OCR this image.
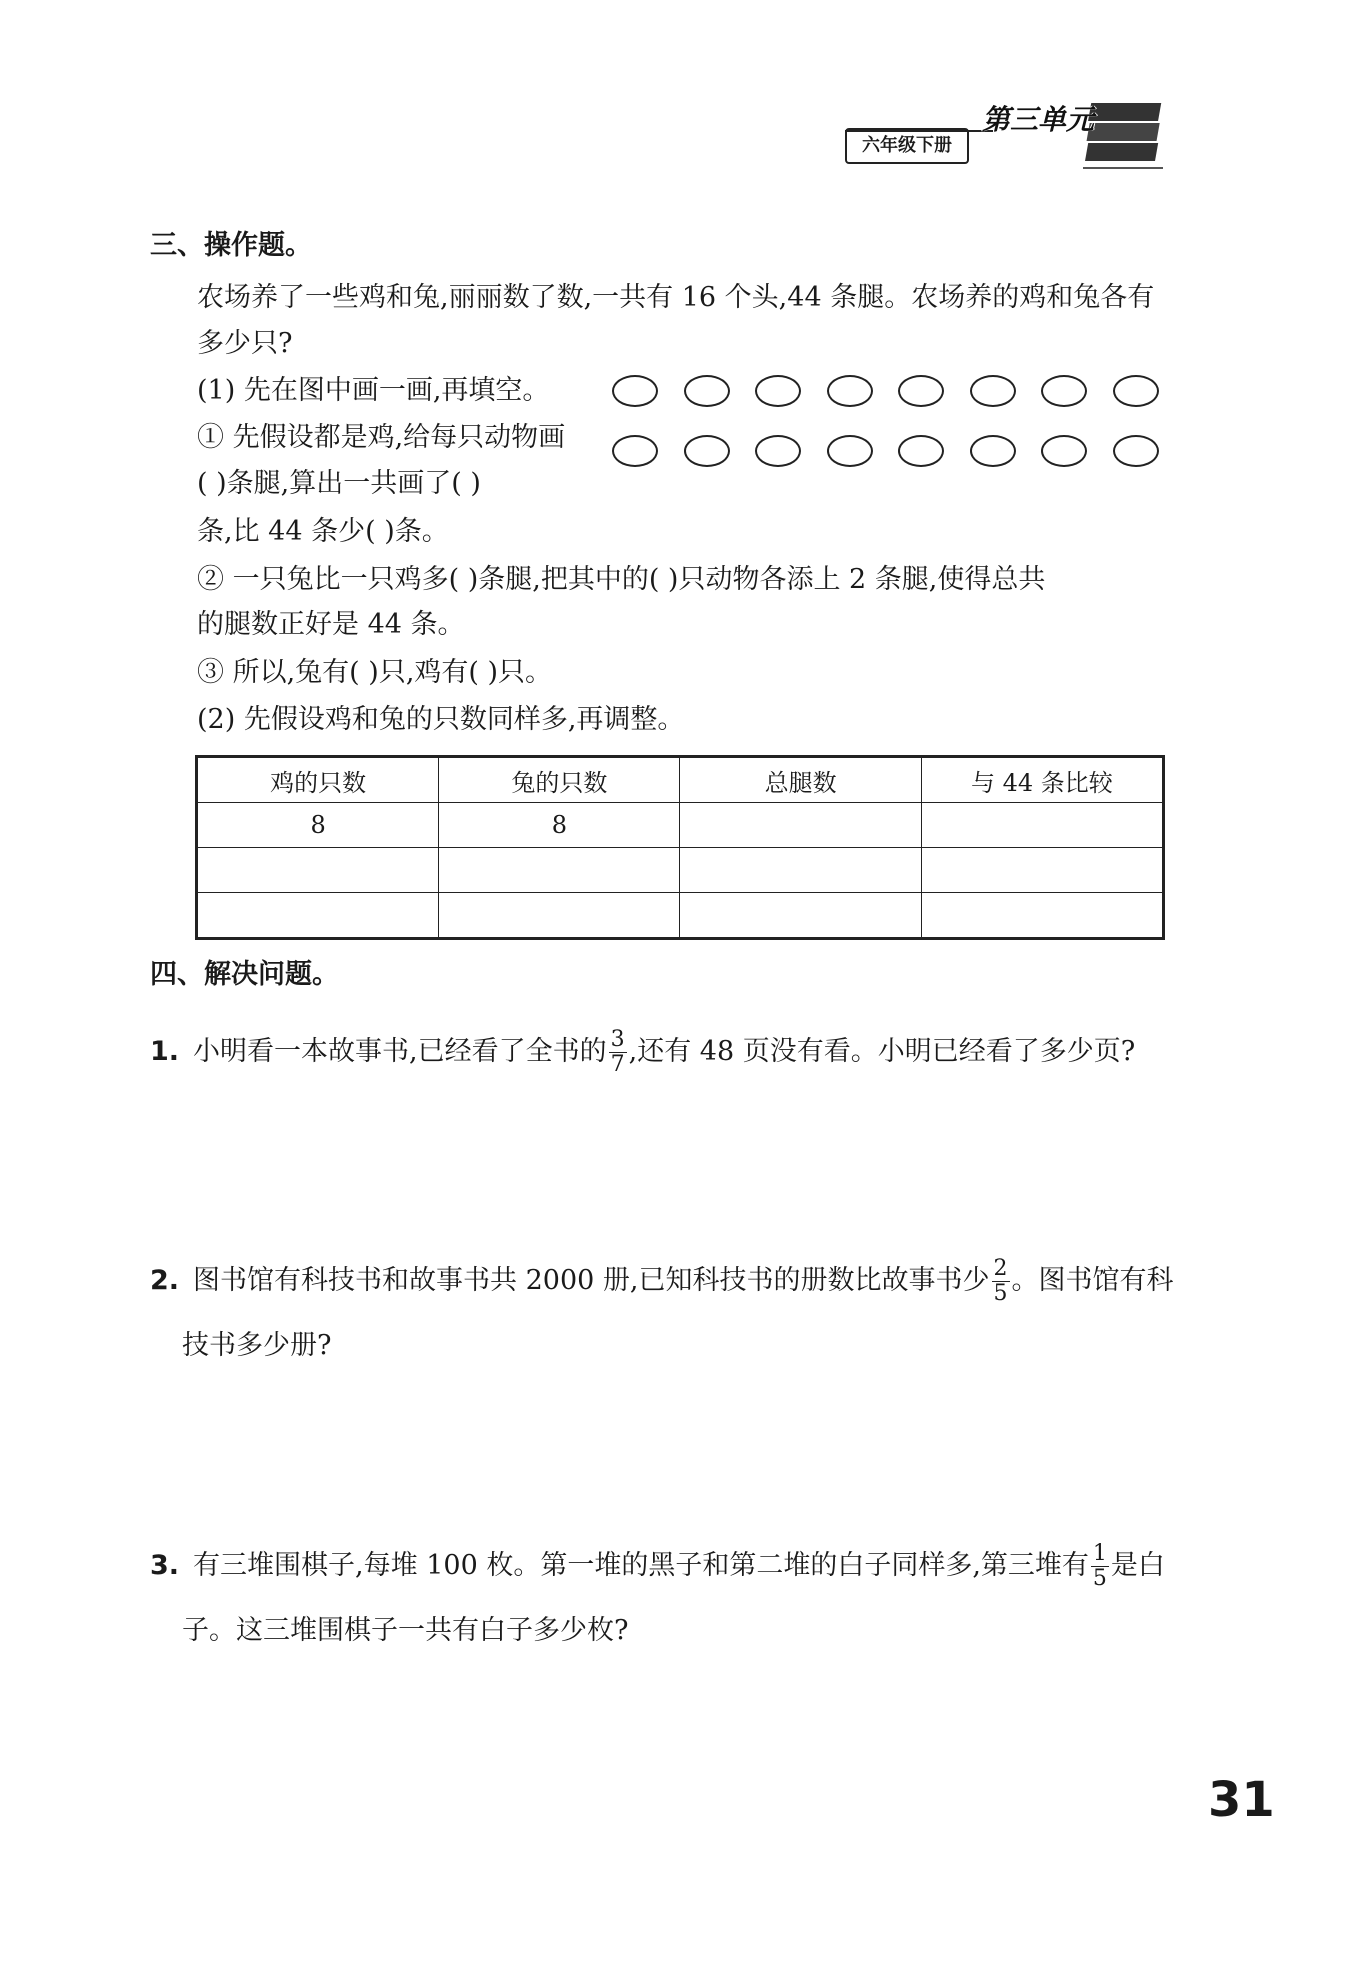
六年级下册
第三单元
三、操作题。
农场养了一些鸡和兔,丽丽数了数,一共有 16 个头,44 条腿。农场养的鸡和兔各有
多少只?
(1) 先在图中画一画,再填空。
① 先假设都是鸡,给每只动物画
( )条腿,算出一共画了( )
条,比 44 条少( )条。
② 一只兔比一只鸡多( )条腿,把其中的( )只动物各添上 2 条腿,使得总共
的腿数正好是 44 条。
③ 所以,兔有( )只,鸡有( )只。
(2) 先假设鸡和兔的只数同样多,再调整。
鸡的只数	兔的只数	总腿数	与 44 条比较
8	8		

四、解决问题。
1. 小明看一本故事书,已经看了全书的 $\frac{3}{7}$ ,还有 48 页没有看。小明已经看了多少页?
2. 图书馆有科技书和故事书共 2000 册,已知科技书的册数比故事书少 $\frac{2}{5}$ 。图书馆有科
技书多少册?
3. 有三堆围棋子,每堆 100 枚。第一堆的黑子和第二堆的白子同样多,第三堆有 $\frac{1}{5}$ 是白
子。这三堆围棋子一共有白子多少枚?
31
